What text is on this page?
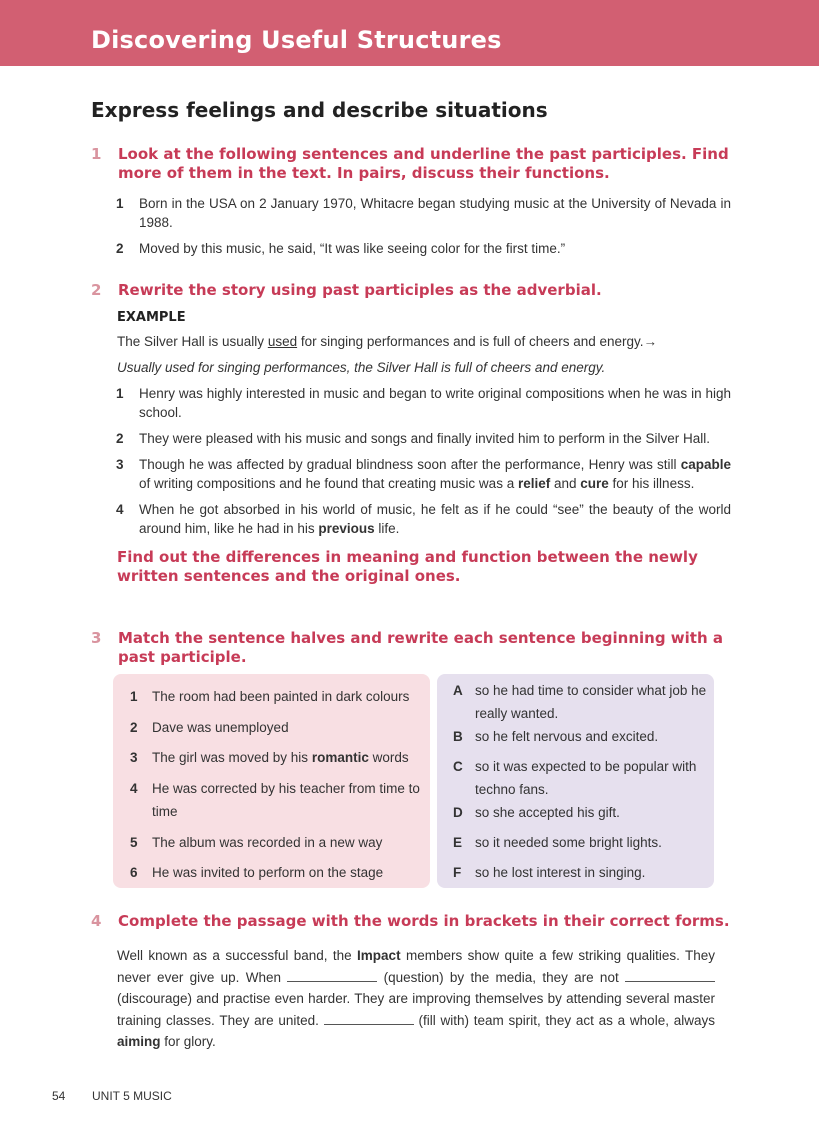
Discovering Useful Structures
Express feelings and describe situations
1	Look at the following sentences and underline the past participles. Find more of them in the text. In pairs, discuss their functions.
1	Born in the USA on 2 January 1970, Whitacre began studying music at the University of Nevada in 1988.
2	Moved by this music, he said, “It was like seeing color for the first time.”
2	Rewrite the story using past participles as the adverbial.
EXAMPLE
The Silver Hall is usually used for singing performances and is full of cheers and energy.→
Usually used for singing performances, the Silver Hall is full of cheers and energy.
1	Henry was highly interested in music and began to write original compositions when he was in high school.
2	They were pleased with his music and songs and finally invited him to perform in the Silver Hall.
3	Though he was affected by gradual blindness soon after the performance, Henry was still capable of writing compositions and he found that creating music was a relief and cure for his illness.
4	When he got absorbed in his world of music, he felt as if he could “see” the beauty of the world around him, like he had in his previous life.
Find out the differences in meaning and function between the newly written sentences and the original ones.
3	Match the sentence halves and rewrite each sentence beginning with a past participle.
1	The room had been painted in dark colours
2	Dave was unemployed
3	The girl was moved by his romantic words
4	He was corrected by his teacher from time to time
5	The album was recorded in a new way
6	He was invited to perform on the stage
A so he had time to consider what job he really wanted.
B so he felt nervous and excited.
C so it was expected to be popular with techno fans.
D so she accepted his gift.
E so it needed some bright lights.
F	so he lost interest in singing.
4	Complete the passage with the words in brackets in their correct forms.
Well known as a successful band, the Impact members show quite a few striking qualities. They never ever give up. When	(question) by the media, they are not  (discourage) and practise even harder. They are improving themselves by attending several master training classes. They are united.	(fill with) team spirit, they act as a whole, always aiming for glory.
54 UNIT 5 MUSIC
